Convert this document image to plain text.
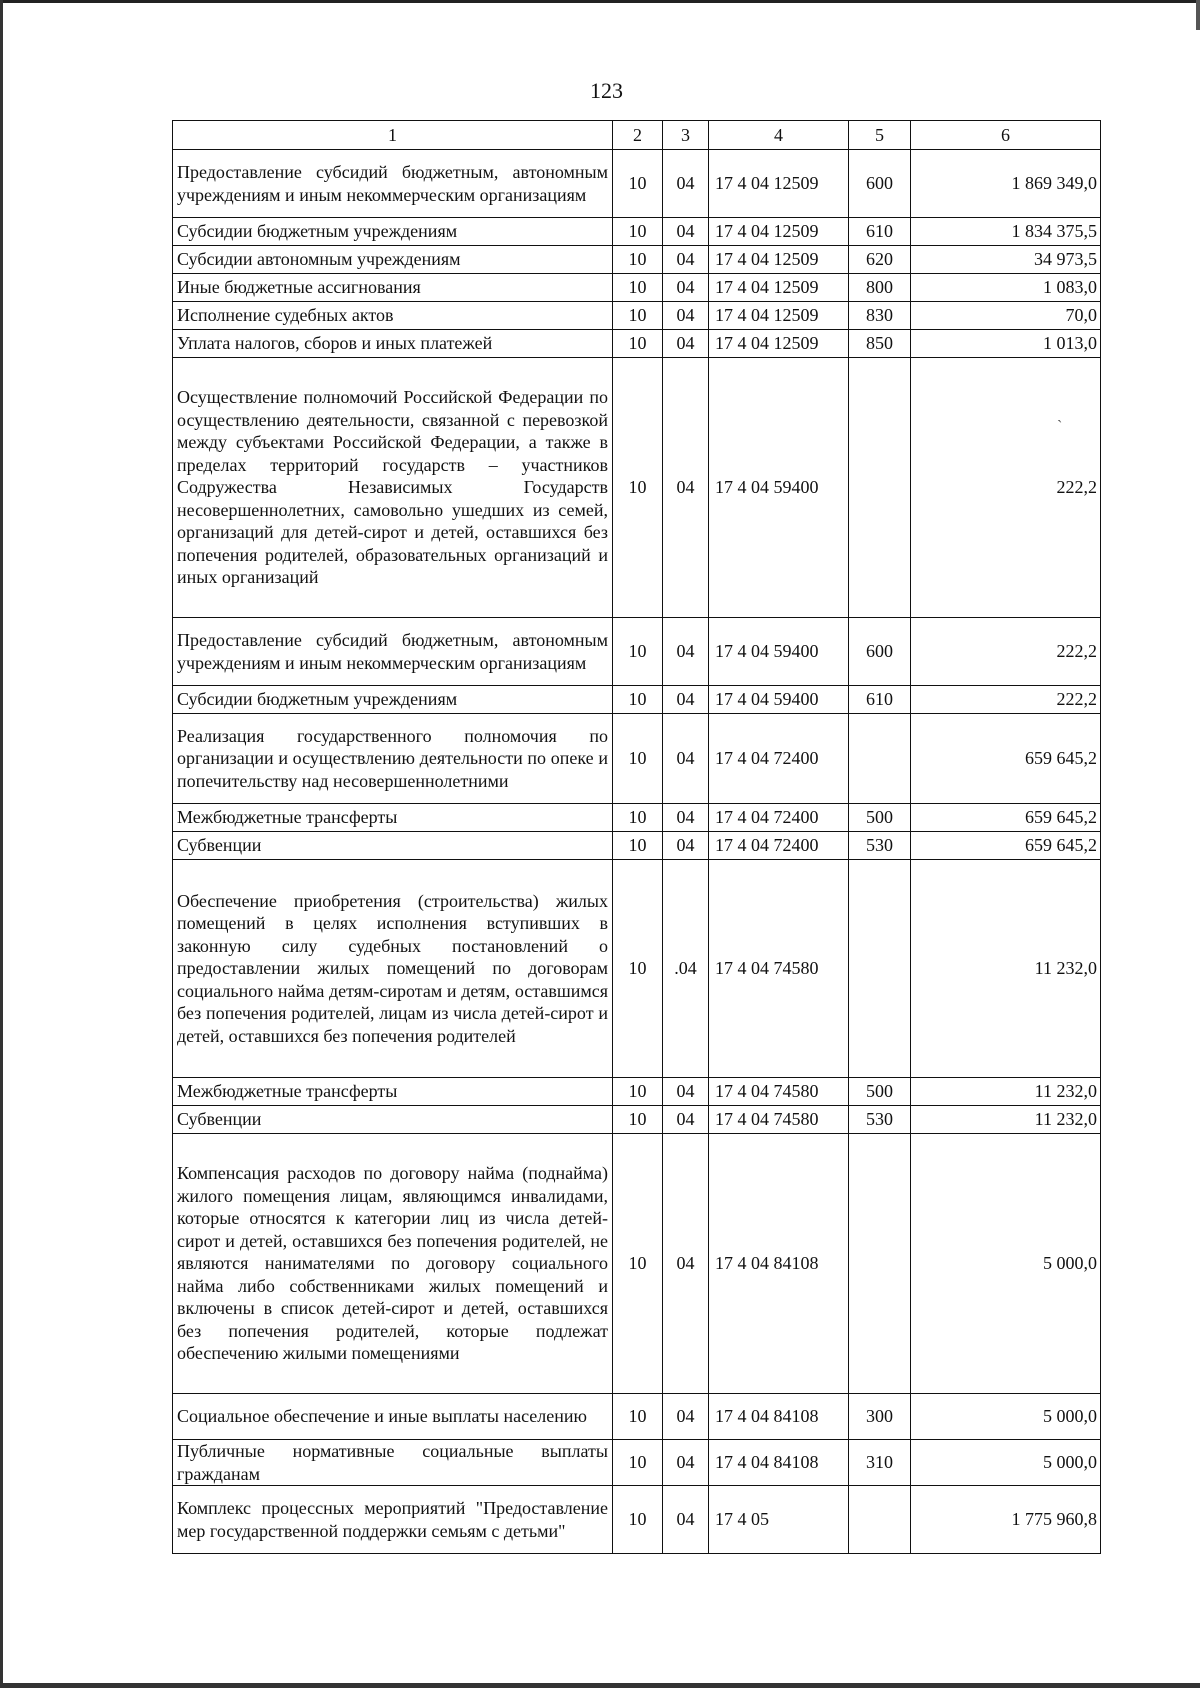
123
1	2	3	4	5	6
Предоставление субсидий бюджетным, автономным учреждениям и иным некоммерческим организациям	10	04	17 4 04 12509	600	1 869 349,0
Субсидии бюджетным учреждениям	10	04	17 4 04 12509	610	1 834 375,5
Субсидии автономным учреждениям	10	04	17 4 04 12509	620	34 973,5
Иные бюджетные ассигнования	10	04	17 4 04 12509	800	1 083,0
Исполнение судебных актов	10	04	17 4 04 12509	830	70,0
Уплата налогов, сборов и иных платежей	10	04	17 4 04 12509	850	1 013,0
Осуществление полномочий Российской Федерации по осуществлению деятельности, связанной с перевозкой между субъектами Российской Федерации, а также в пределах территорий государств – участников Содружества Независимых Государств несовершеннолетних, самовольно ушедших из семей, организаций для детей-сирот и детей, оставшихся без попечения родителей, образовательных организаций и иных организаций	10	04	17 4 04 59400		222,2
Предоставление субсидий бюджетным, автономным учреждениям и иным некоммерческим организациям	10	04	17 4 04 59400	600	222,2
Субсидии бюджетным учреждениям	10	04	17 4 04 59400	610	222,2
Реализация государственного полномочия по организации и осуществлению деятельности по опеке и попечительству над несовершеннолетними	10	04	17 4 04 72400		659 645,2
Межбюджетные трансферты	10	04	17 4 04 72400	500	659 645,2
Субвенции	10	04	17 4 04 72400	530	659 645,2
Обеспечение приобретения (строительства) жилых помещений в целях исполнения вступивших в законную силу судебных постановлений о предоставлении жилых помещений по договорам социального найма детям-сиротам и детям, оставшимся без попечения родителей, лицам из числа детей-сирот и детей, оставшихся без попечения родителей	10	.04	17 4 04 74580		11 232,0
Межбюджетные трансферты	10	04	17 4 04 74580	500	11 232,0
Субвенции	10	04	17 4 04 74580	530	11 232,0
Компенсация расходов по договору найма (поднайма) жилого помещения лицам, являющимся инвалидами, которые относятся к категории лиц из числа детей-сирот и детей, оставшихся без попечения родителей, не являются нанимателями по договору социального найма либо собственниками жилых помещений и включены в список детей-сирот и детей, оставшихся без попечения родителей, которые подлежат обеспечению жилыми помещениями	10	04	17 4 04 84108		5 000,0
Социальное обеспечение и иные выплаты населению	10	04	17 4 04 84108	300	5 000,0
Публичные нормативные социальные выплаты гражданам	10	04	17 4 04 84108	310	5 000,0
Комплекс процессных мероприятий "Предоставление мер государственной поддержки семьям с детьми"	10	04	17 4 05		1 775 960,8
`
